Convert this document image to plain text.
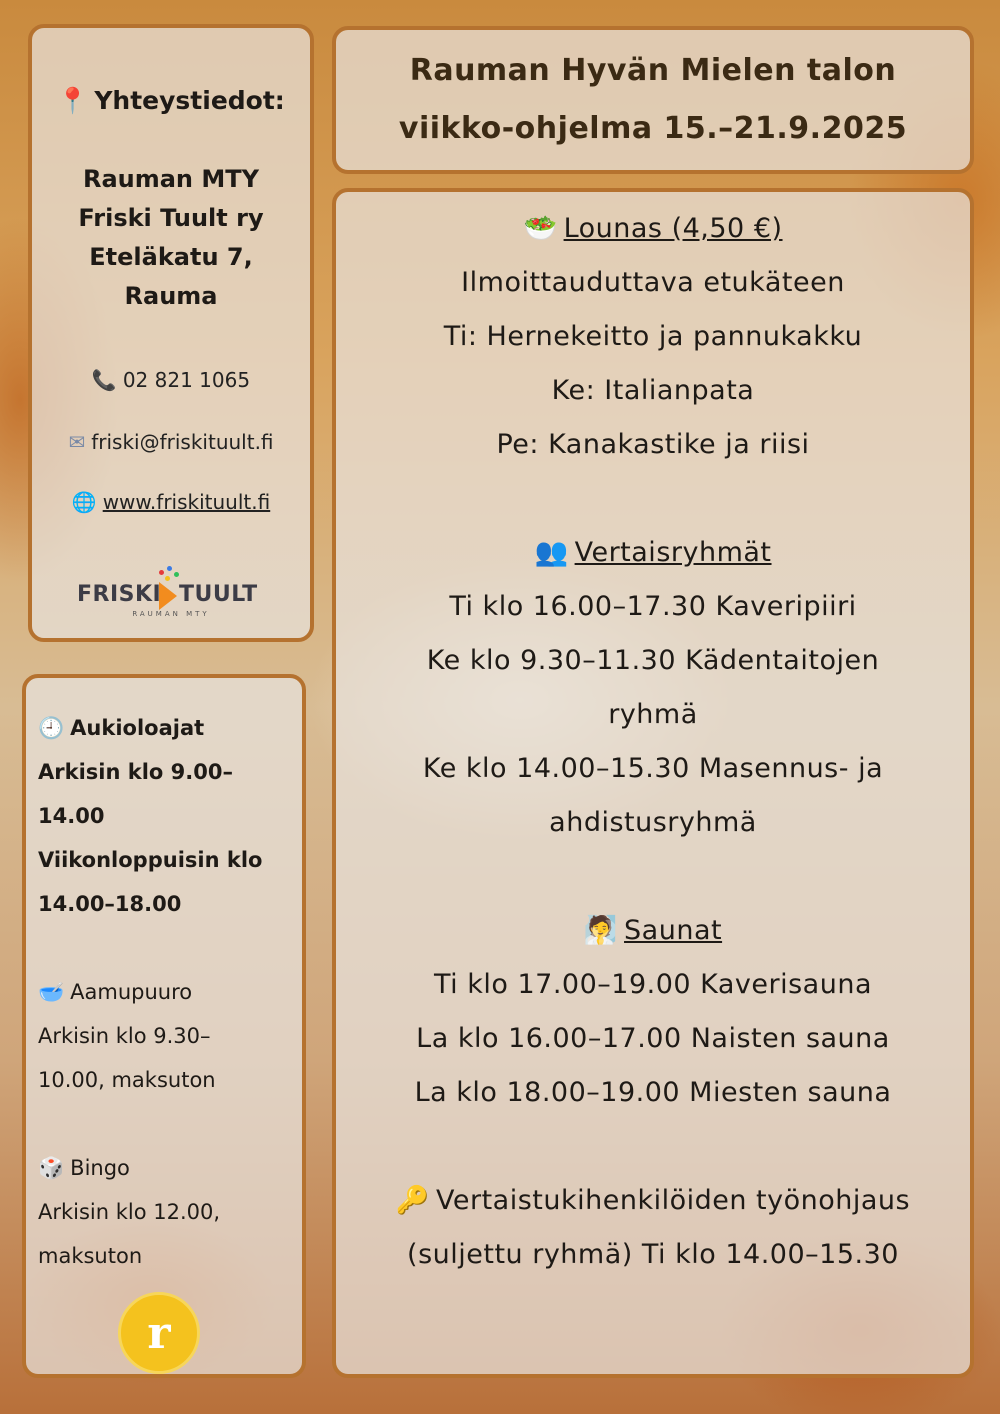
Rauman Hyvän Mielen talon
viikko-ohjelma 15.–21.9.2025
📍 Yhteystiedot:
Rauman MTY
Friski Tuult ry
Eteläkatu 7,
Rauma
📞 02 821 1065
✉ friski@friskituult.fi
🌐 www.friskituult.fi
FRISKI TUULT
RAUMAN MTY
🕘 Aukioloajat
Arkisin klo 9.00–
14.00
Viikonloppuisin klo
14.00–18.00
🥣 Aamupuuro
Arkisin klo 9.30–
10.00, maksuton
🎲 Bingo
Arkisin klo 12.00,
maksuton
r
🥗 Lounas (4,50 €)
Ilmoittauduttava etukäteen
Ti: Hernekeitto ja pannukakku
Ke: Italianpata
Pe: Kanakastike ja riisi
👥 Vertaisryhmät
Ti klo 16.00–17.30 Kaveripiiri
Ke klo 9.30–11.30 Kädentaitojen
ryhmä
Ke klo 14.00–15.30 Masennus- ja
ahdistusryhmä
🧖 Saunat
Ti klo 17.00–19.00 Kaverisauna
La klo 16.00–17.00 Naisten sauna
La klo 18.00–19.00 Miesten sauna
🔑 Vertaistukihenkilöiden työnohjaus
(suljettu ryhmä) Ti klo 14.00–15.30
